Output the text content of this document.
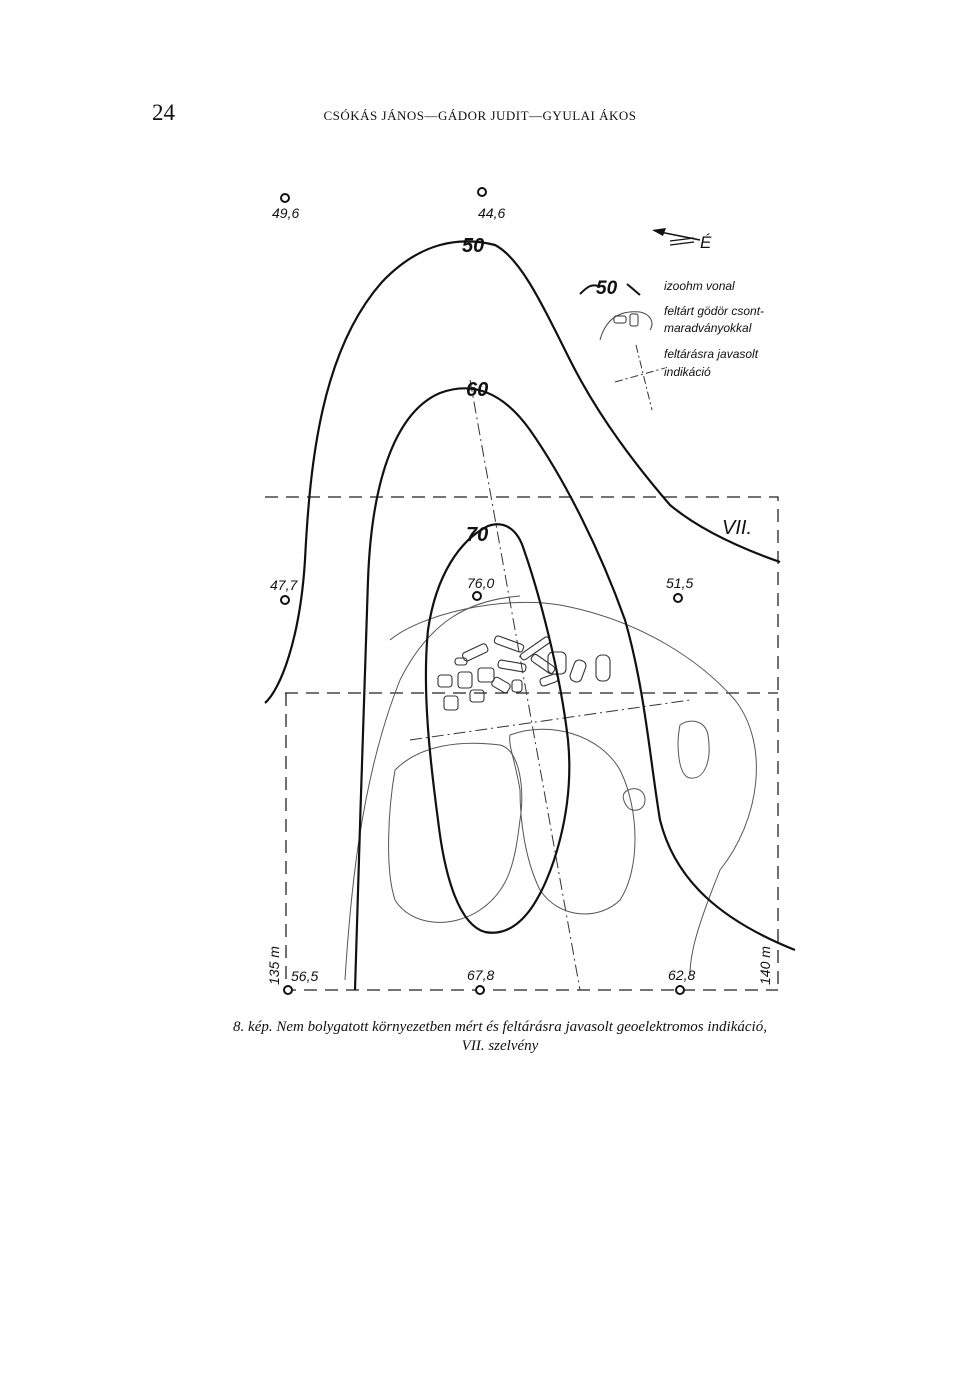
24	CSÓKÁS JÁNOS—GÁDOR JUDIT—GYULAI ÁKOS
50
60
70
49,6	44,6
47,7	76,0	51,5
56,5	67,8	62,8
135 m	140 m
VII.
É
50	izoohm vonal
feltárt gödör csont-
maradványokkal
feltárásra javasolt
indikáció
8. kép. Nem bolygatott környezetben mért és feltárásra javasolt geoelektromos indikáció,
VII. szelvény
